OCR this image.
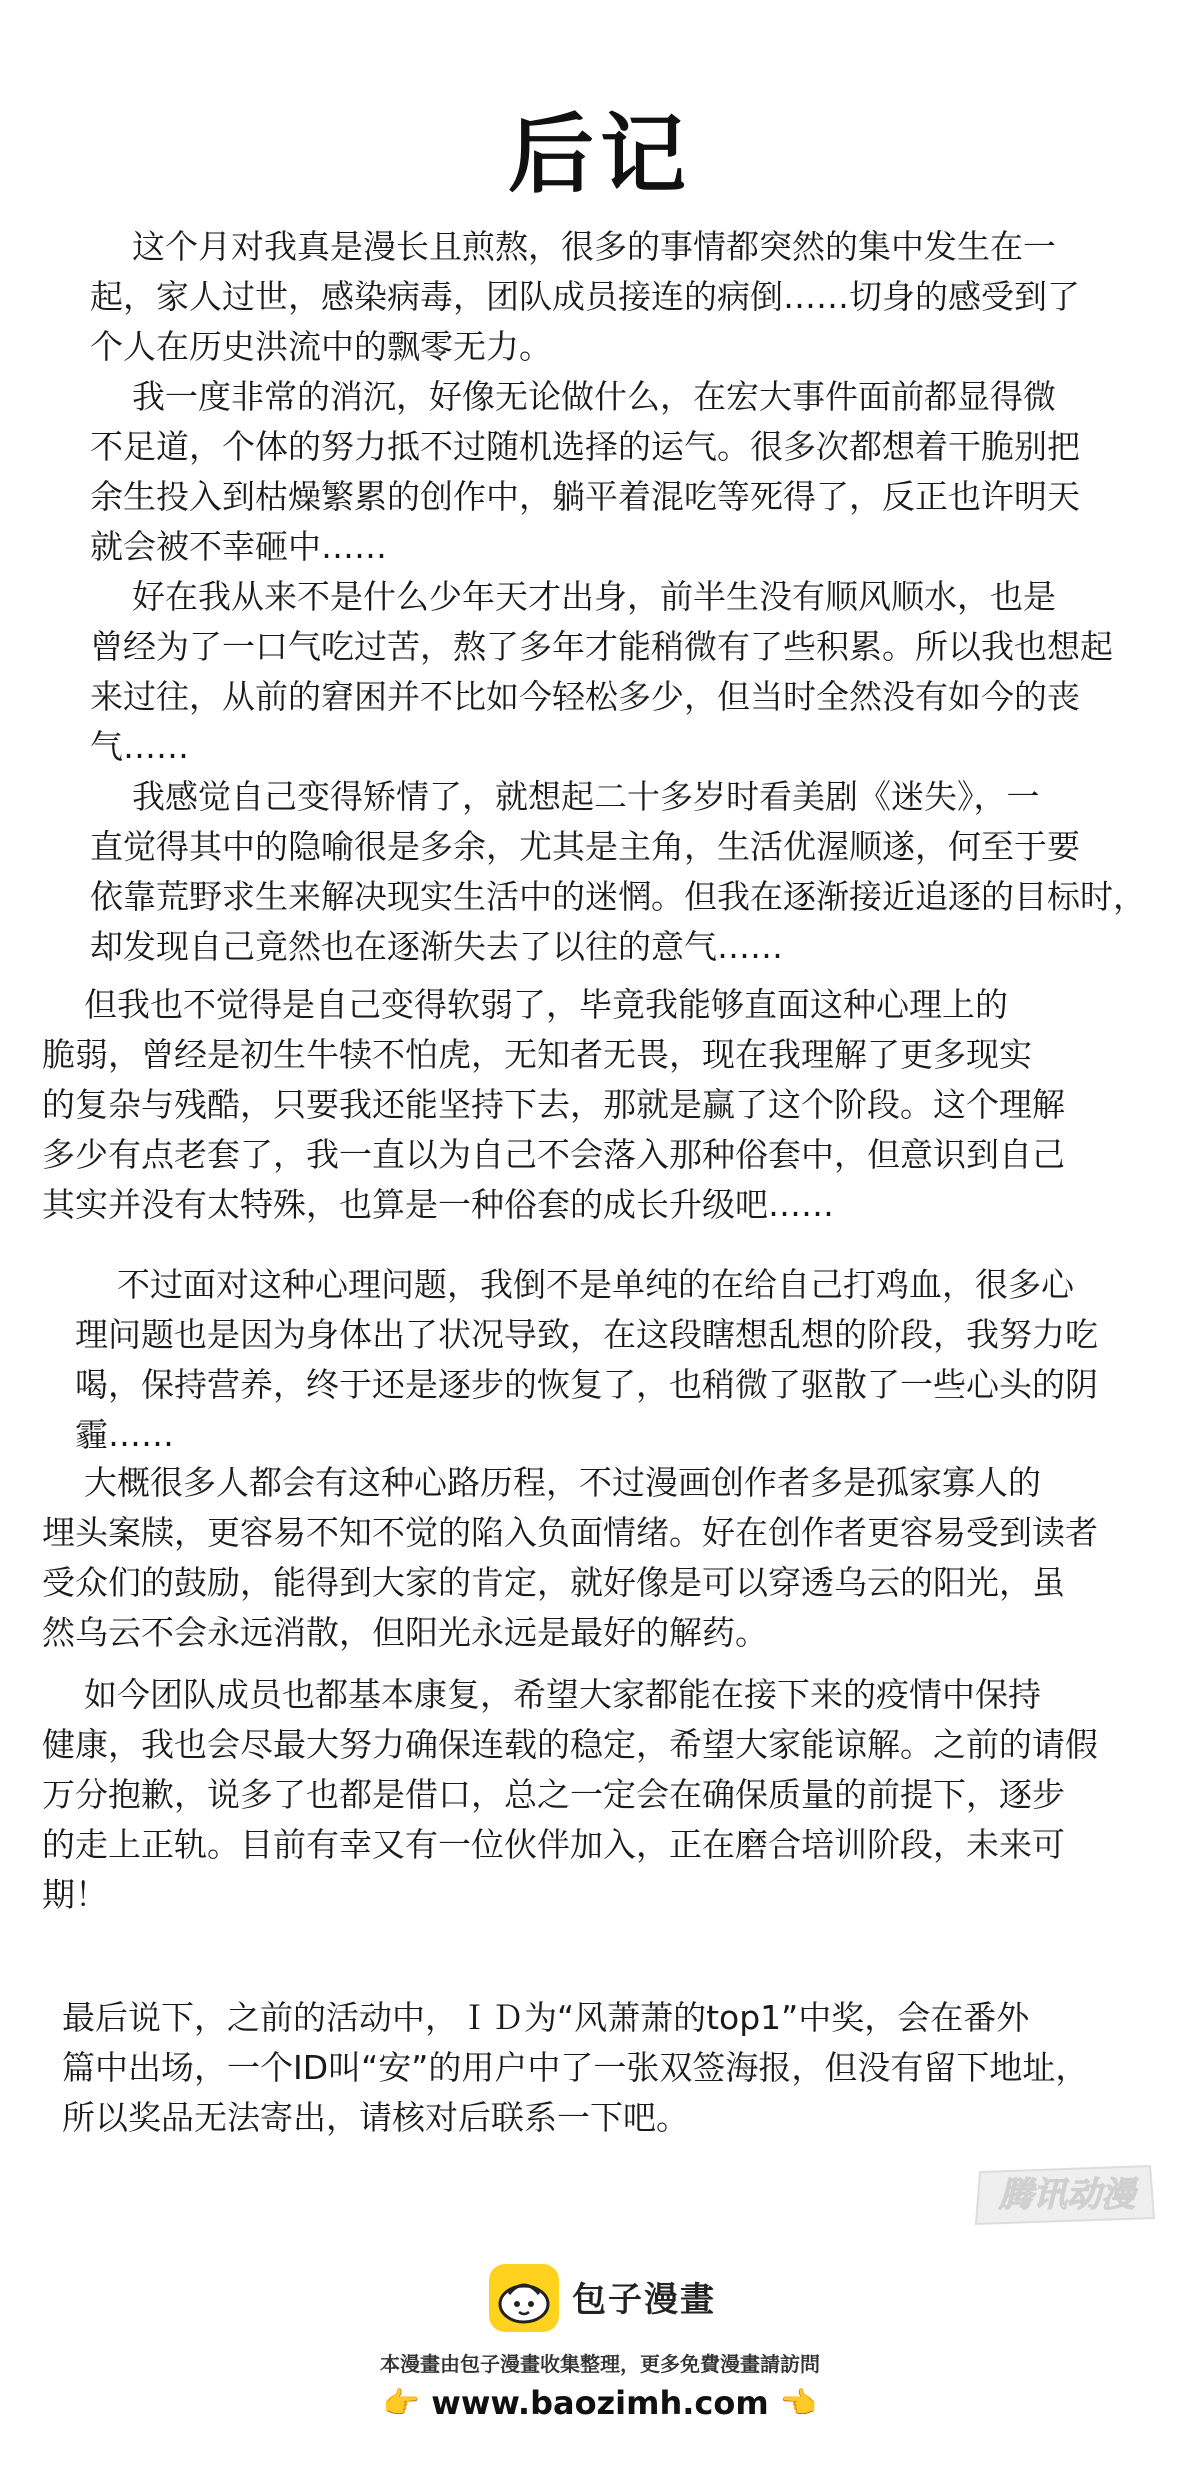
后记

这个月对我真是漫长且煎熬，很多的事情都突然的集中发生在一
起，家人过世，感染病毒，团队成员接连的病倒……切身的感受到了
个人在历史洪流中的飘零无力。

我一度非常的消沉，好像无论做什么，在宏大事件面前都显得微
不足道，个体的努力抵不过随机选择的运气。很多次都想着干脆别把
余生投入到枯燥繁累的创作中，躺平着混吃等死得了，反正也许明天
就会被不幸砸中……

好在我从来不是什么少年天才出身，前半生没有顺风顺水，也是
曾经为了一口气吃过苦，熬了多年才能稍微有了些积累。所以我也想起
来过往，从前的窘困并不比如今轻松多少，但当时全然没有如今的丧
气……

我感觉自己变得矫情了，就想起二十多岁时看美剧《迷失》，一
直觉得其中的隐喻很是多余，尤其是主角，生活优渥顺遂，何至于要
依靠荒野求生来解决现实生活中的迷惘。但我在逐渐接近追逐的目标时，
却发现自己竟然也在逐渐失去了以往的意气……

但我也不觉得是自己变得软弱了，毕竟我能够直面这种心理上的
脆弱，曾经是初生牛犊不怕虎，无知者无畏，现在我理解了更多现实
的复杂与残酷，只要我还能坚持下去，那就是赢了这个阶段。这个理解
多少有点老套了，我一直以为自己不会落入那种俗套中，但意识到自己
其实并没有太特殊，也算是一种俗套的成长升级吧……

不过面对这种心理问题，我倒不是单纯的在给自己打鸡血，很多心
理问题也是因为身体出了状况导致，在这段瞎想乱想的阶段，我努力吃
喝，保持营养，终于还是逐步的恢复了，也稍微了驱散了一些心头的阴
霾……

大概很多人都会有这种心路历程，不过漫画创作者多是孤家寡人的
埋头案牍，更容易不知不觉的陷入负面情绪。好在创作者更容易受到读者
受众们的鼓励，能得到大家的肯定，就好像是可以穿透乌云的阳光，虽
然乌云不会永远消散，但阳光永远是最好的解药。

如今团队成员也都基本康复，希望大家都能在接下来的疫情中保持
健康，我也会尽最大努力确保连载的稳定，希望大家能谅解。之前的请假
万分抱歉，说多了也都是借口，总之一定会在确保质量的前提下，逐步
的走上正轨。目前有幸又有一位伙伴加入，正在磨合培训阶段，未来可
期！

最后说下，之前的活动中，ＩＤ为“风萧萧的top1”中奖，会在番外
篇中出场，一个ID叫“安”的用户中了一张双签海报，但没有留下地址，
所以奖品无法寄出，请核对后联系一下吧。

腾讯动漫
包子漫畫
本漫畫由包子漫畫收集整理，更多免費漫畫請訪問
👉 www.baozimh.com 👈
